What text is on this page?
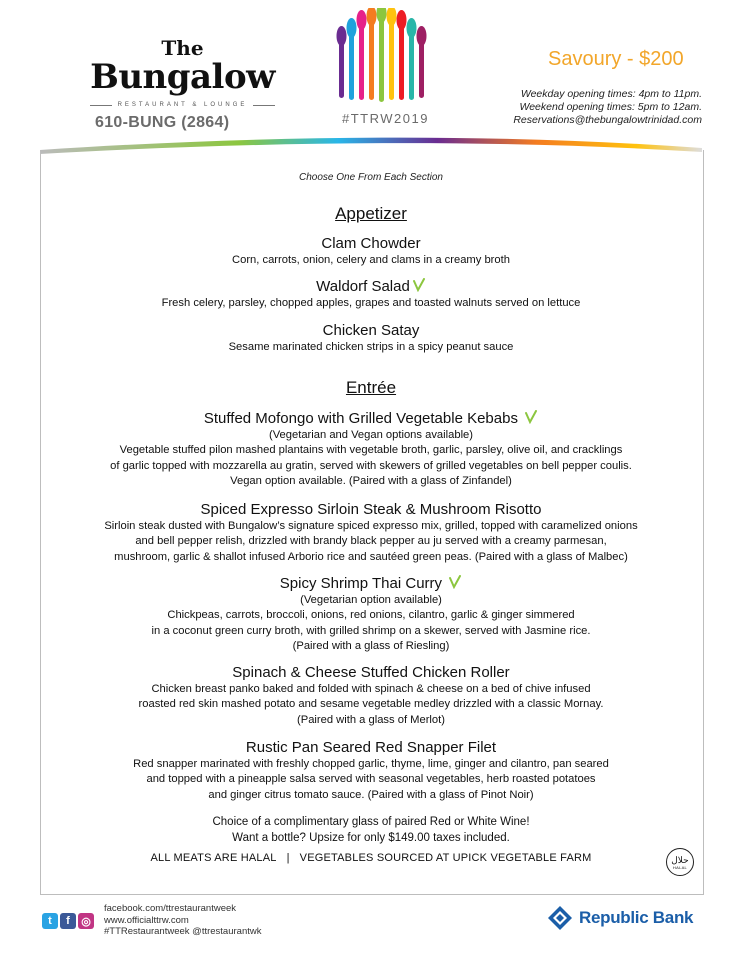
The
Bungalow
RESTAURANT & LOUNGE
610-BUNG (2864)	#TTRW2019
Savoury - $200
Weekday opening times: 4pm to 11pm.
Weekend opening times: 5pm to 12am.
Reservations@thebungalowtrinidad.com
Choose One From Each Section
Appetizer
Clam Chowder
Corn, carrots, onion, celery and clams in a creamy broth
Waldorf Salad
Fresh celery, parsley, chopped apples, grapes and toasted walnuts served on lettuce
Chicken Satay
Sesame marinated chicken strips in a spicy peanut sauce
Entrée
Stuffed Mofongo with Grilled Vegetable Kebabs
(Vegetarian and Vegan options available)
Vegetable stuffed pilon mashed plantains with vegetable broth, garlic, parsley, olive oil, and cracklings
of garlic topped with mozzarella au gratin, served with skewers of grilled vegetables on bell pepper coulis.
Vegan option available. (Paired with a glass of Zinfandel)
Spiced Expresso Sirloin Steak & Mushroom Risotto
Sirloin steak dusted with Bungalow’s signature spiced expresso mix, grilled, topped with caramelized onions
and bell pepper relish, drizzled with brandy black pepper au ju served with a creamy parmesan,
mushroom, garlic & shallot infused Arborio rice and sautéed green peas. (Paired with a glass of Malbec)
Spicy Shrimp Thai Curry
(Vegetarian option available)
Chickpeas, carrots, broccoli, onions, red onions, cilantro, garlic & ginger simmered
in a coconut green curry broth, with grilled shrimp on a skewer, served with Jasmine rice.
(Paired with a glass of Riesling)
Spinach & Cheese Stuffed Chicken Roller
Chicken breast panko baked and folded with spinach & cheese on a bed of chive infused
roasted red skin mashed potato and sesame vegetable medley drizzled with a classic Mornay.
(Paired with a glass of Merlot)
Rustic Pan Seared Red Snapper Filet
Red snapper marinated with freshly chopped garlic, thyme, lime, ginger and cilantro, pan seared
and topped with a pineapple salsa served with seasonal vegetables, herb roasted potatoes
and ginger citrus tomato sauce. (Paired with a glass of Pinot Noir)
Choice of a complimentary glass of paired Red or White Wine!
Want a bottle? Upsize for only $149.00 taxes included.
ALL MEATS ARE HALAL | VEGETABLES SOURCED AT UPICK VEGETABLE FARM	حلال
HALAL
t	f	◎
facebook.com/ttrestaurantweek
www.officialttrw.com
#TTRestaurantweek @ttrestaurantwk
Republic Bank
